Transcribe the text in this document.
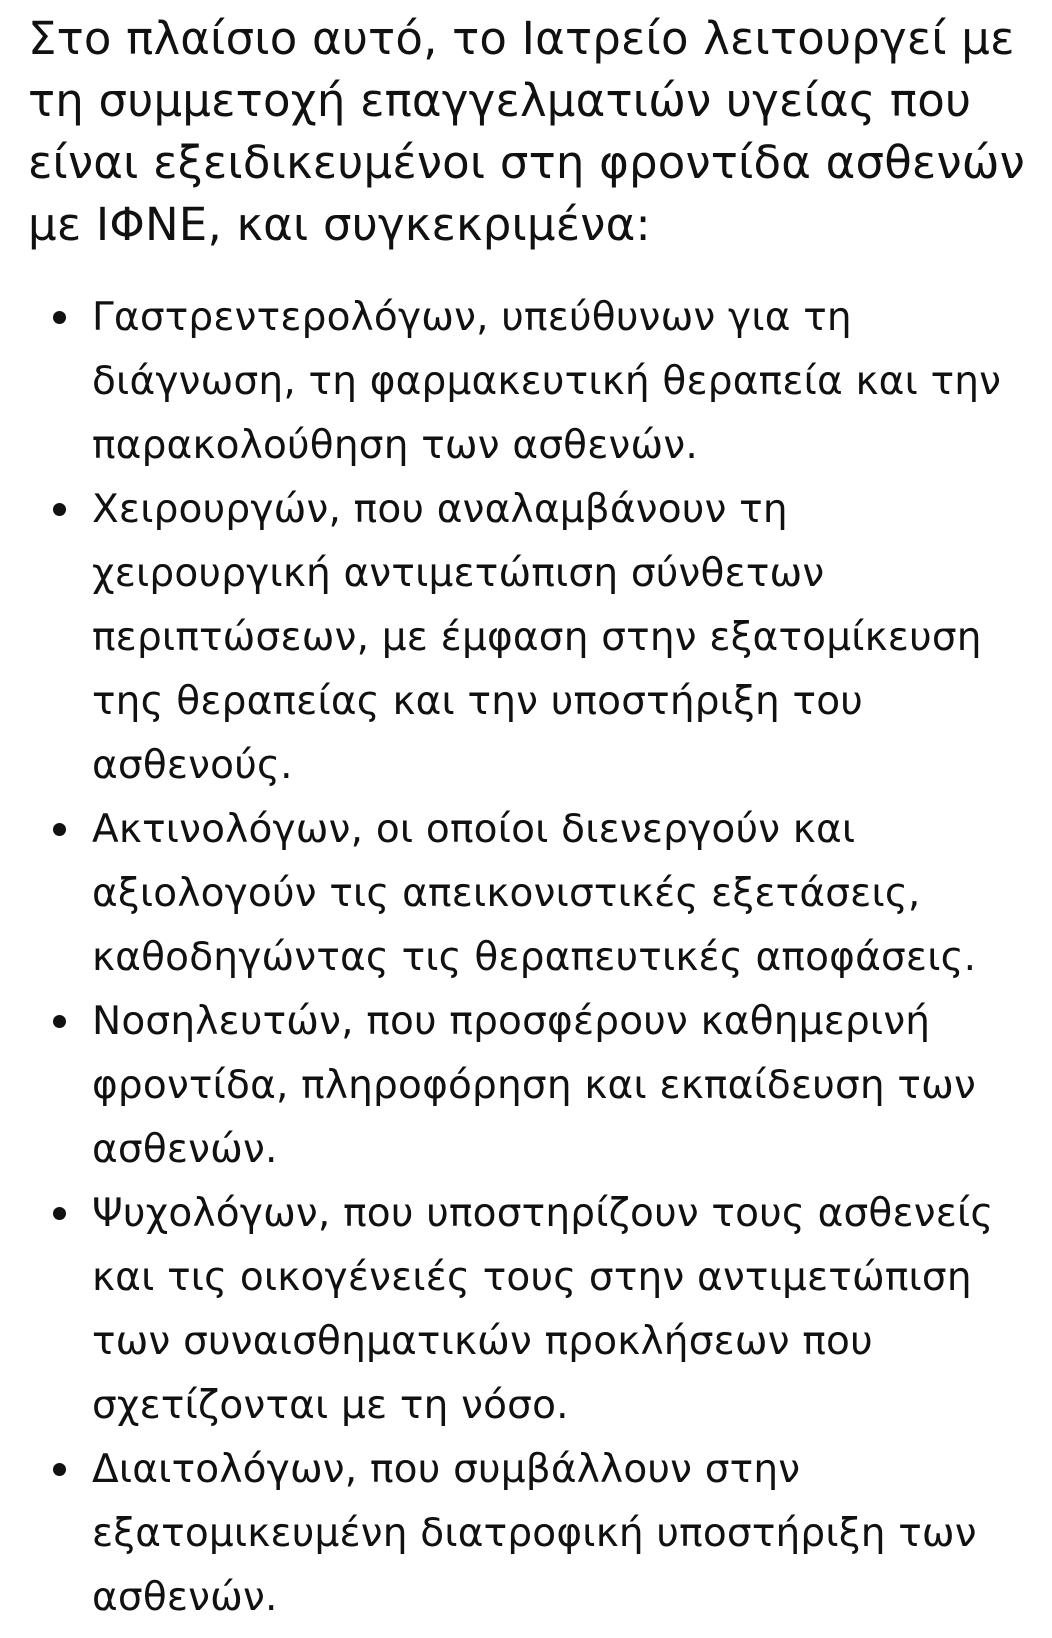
Στο πλαίσιο αυτό, το Ιατρείο λειτουργεί με τη συμμετοχή επαγγελματιών υγείας που είναι εξειδικευμένοι στη φροντίδα ασθενών με ΙΦΝΕ, και συγκεκριμένα:

Γαστρεντερολόγων, υπεύθυνων για τη διάγνωση, τη φαρμακευτική θεραπεία και την παρακολούθηση των ασθενών.
Χειρουργών, που αναλαμβάνουν τη χειρουργική αντιμετώπιση σύνθετων περιπτώσεων, με έμφαση στην εξατομίκευση της θεραπείας και την υποστήριξη του ασθενούς.
Ακτινολόγων, οι οποίοι διενεργούν και αξιολογούν τις απεικονιστικές εξετάσεις, καθοδηγώντας τις θεραπευτικές αποφάσεις.
Νοσηλευτών, που προσφέρουν καθημερινή φροντίδα, πληροφόρηση και εκπαίδευση των ασθενών.
Ψυχολόγων, που υποστηρίζουν τους ασθενείς και τις οικογένειές τους στην αντιμετώπιση των συναισθηματικών προκλήσεων που σχετίζονται με τη νόσο.
Διαιτολόγων, που συμβάλλουν στην εξατομικευμένη διατροφική υποστήριξη των ασθενών.
